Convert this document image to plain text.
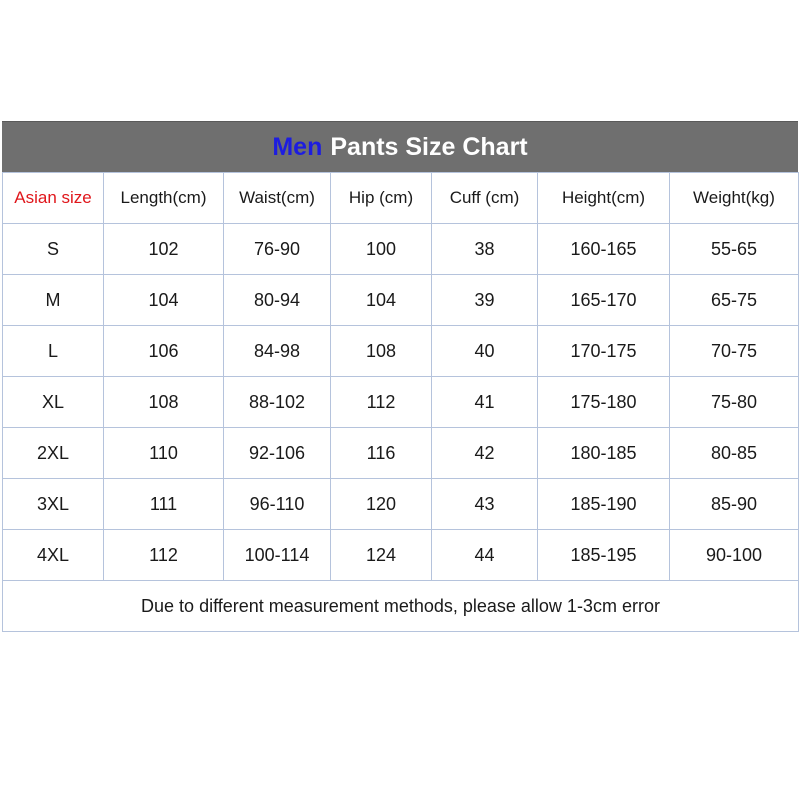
Men Pants Size Chart
Asian size	Length(cm)	Waist(cm)	Hip (cm)	Cuff (cm)	Height(cm)	Weight(kg)
S	102	76-90	100	38	160-165	55-65
M	104	80-94	104	39	165-170	65-75
L	106	84-98	108	40	170-175	70-75
XL	108	88-102	112	41	175-180	75-80
2XL	110	92-106	116	42	180-185	80-85
3XL	111	96-110	120	43	185-190	85-90
4XL	112	100-114	124	44	185-195	90-100
Due to different measurement methods, please allow 1-3cm error						
